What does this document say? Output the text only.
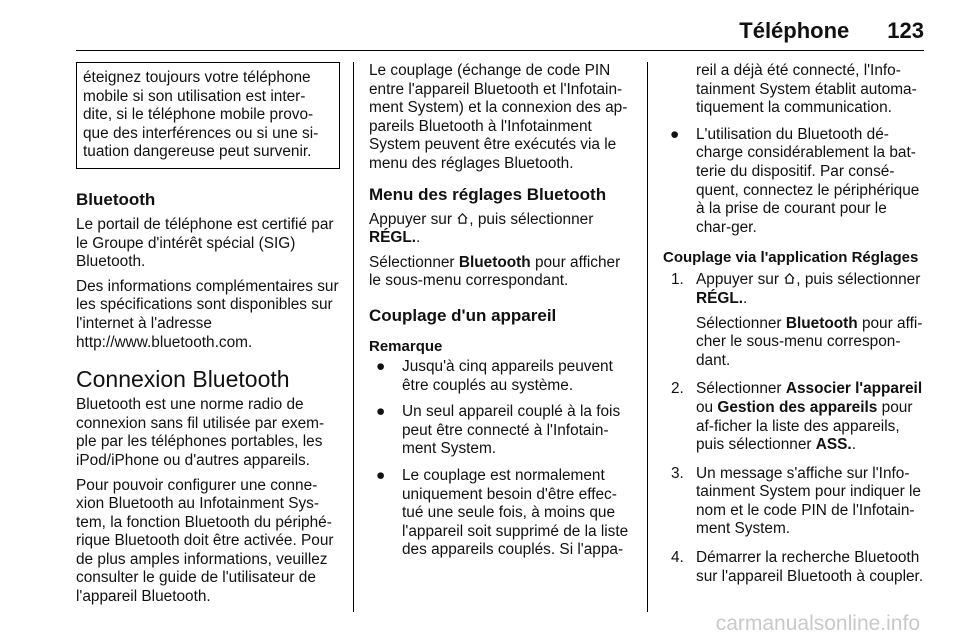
Téléphone 123

éteignez toujours votre téléphone mobile si son utilisation est inter-dite, si le téléphone mobile provo-que des interférences ou si une si-tuation dangereuse peut survenir.

Bluetooth

Le portail de téléphone est certifié par le Groupe d'intérêt spécial (SIG) Bluetooth.

Des informations complémentaires sur les spécifications sont disponibles sur l'internet à l'adresse
http://www.bluetooth.com.

Connexion Bluetooth

Bluetooth est une norme radio de connexion sans fil utilisée par exem-ple par les téléphones portables, les iPod/iPhone ou d'autres appareils.

Pour pouvoir configurer une conne-xion Bluetooth au Infotainment Sys-tem, la fonction Bluetooth du périphé-rique Bluetooth doit être activée. Pour de plus amples informations, veuillez consulter le guide de l'utilisateur de l'appareil Bluetooth.

Le couplage (échange de code PIN entre l'appareil Bluetooth et l'Infotain-ment System) et la connexion des ap-pareils Bluetooth à l'Infotainment System peuvent être exécutés via le menu des réglages Bluetooth.

Menu des réglages Bluetooth

Appuyer sur , puis sélectionner
RÉGL..

Sélectionner Bluetooth pour afficher le sous-menu correspondant.

Couplage d'un appareil
Remarque
● Jusqu'à cinq appareils peuvent être couplés au système.
● Un seul appareil couplé à la fois peut être connecté à l'Infotain-ment System.
● Le couplage est normalement uniquement besoin d'être effec-tué une seule fois, à moins que l'appareil soit supprimé de la liste des appareils couplés. Si l'appa-

reil a déjà été connecté, l'Info-tainment System établit automa-tiquement la communication.

● L'utilisation du Bluetooth dé-charge considérablement la bat-terie du dispositif. Par consé-quent, connectez le périphérique à la prise de courant pour le char-ger.
Couplage via l'application Réglages
1. Appuyer sur , puis sélectionner
RÉGL..

Sélectionner Bluetooth pour affi-cher le sous-menu correspon-dant.

2. Sélectionner Associer l'appareil ou Gestion des appareils pour af-ficher la liste des appareils, puis sélectionner ASS..

3. Un message s'affiche sur l'Info-tainment System pour indiquer le nom et le code PIN de l'Infotain-ment System.

4. Démarrer la recherche Bluetooth sur l'appareil Bluetooth à coupler.

carmanualsonline.info
